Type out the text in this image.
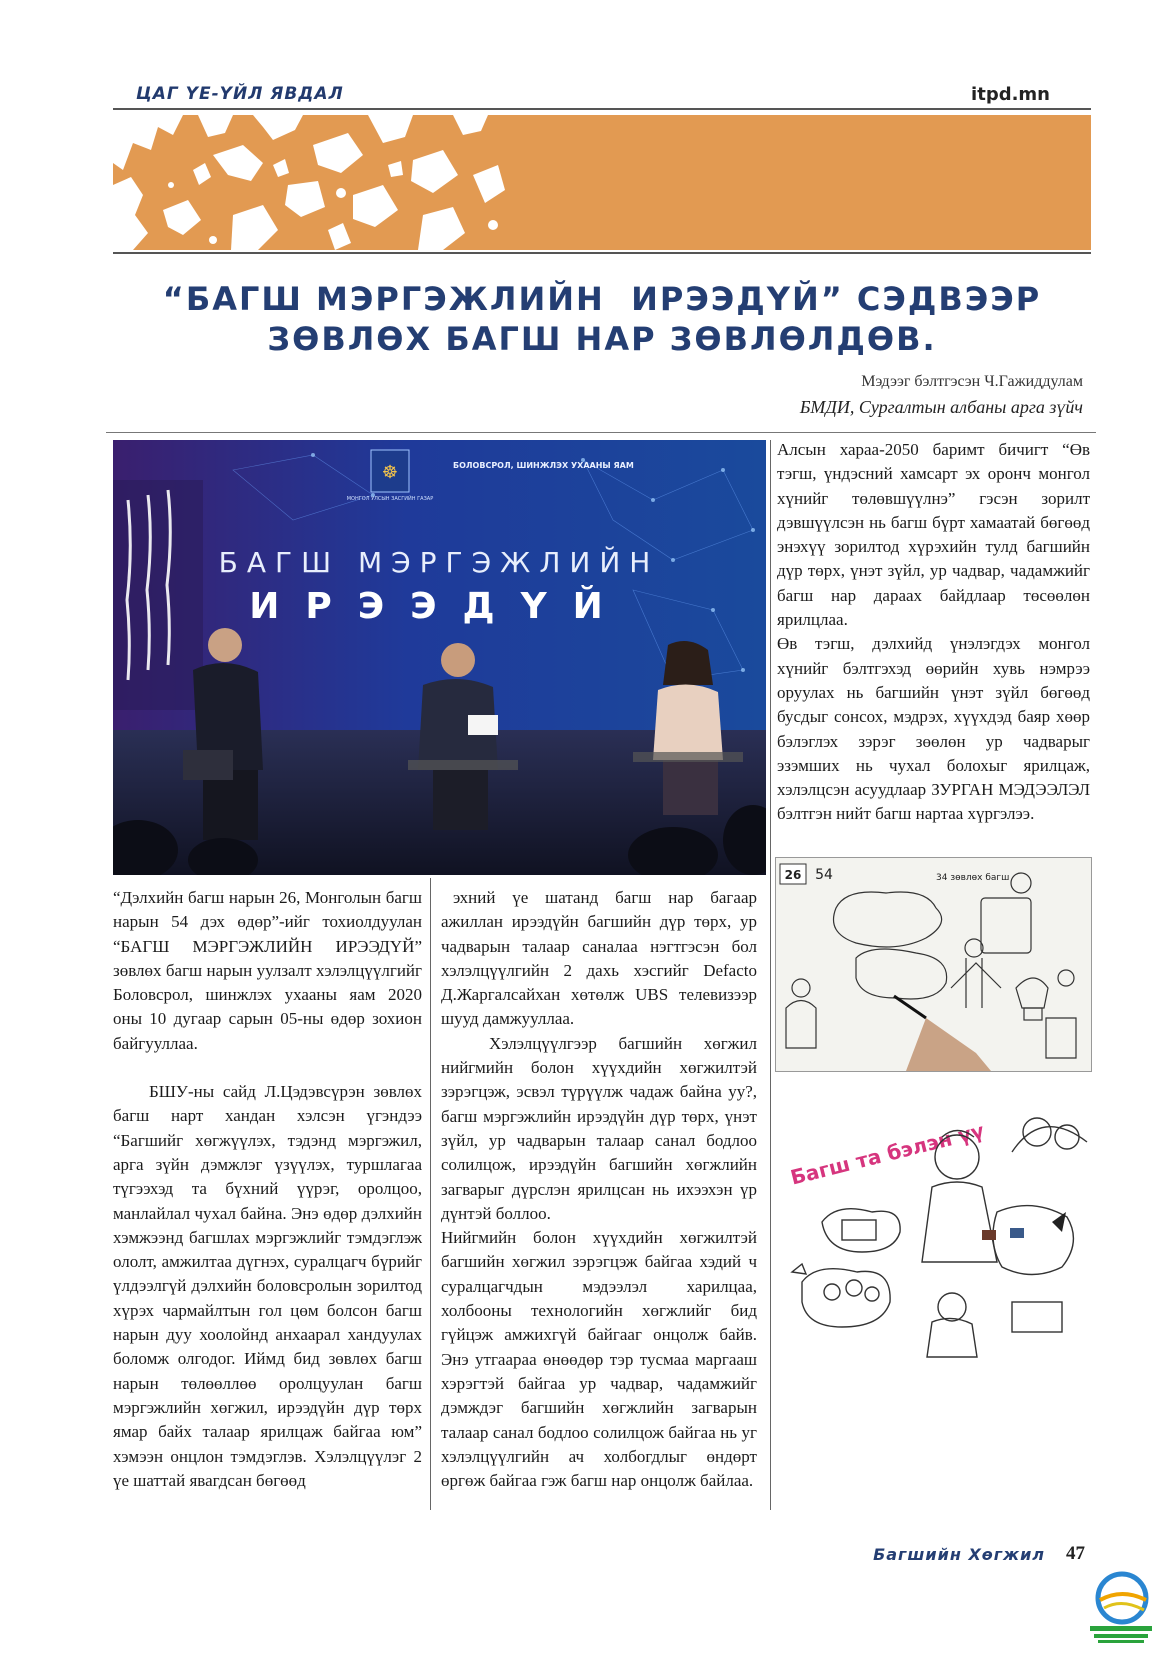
ЦАГ ҮЕ-ҮЙЛ ЯВДАЛ	itpd.mn
“БАГШ МЭРГЭЖЛИЙН  ИРЭЭДҮЙ” СЭДВЭЭР
ЗӨВЛӨХ БАГШ НАР ЗӨВЛӨЛДӨВ.
Мэдээг бэлтгэсэн Ч.Гажиддулам
БМДИ, Сургалтын албаны арга зүйч
☸
МОНГОЛ УЛСЫН ЗАСГИЙН ГАЗАР
БОЛОВСРОЛ, ШИНЖЛЭХ УХААНЫ ЯАМ
БАГШ МЭРГЭЖЛИЙН
ИРЭЭДҮЙ

“Дэлхийн багш нарын 26, Монголын багш нарын 54 дэх өдөр”-ийг тохиолдуулан “БАГШ МЭРГЭЖЛИЙН ИРЭЭДҮЙ” зөвлөх багш нарын уулзалт хэлэлцүүлгийг Боловсрол, шинжлэх ухааны яам 2020 оны 10 дугаар сарын 05-ны өдөр зохион байгууллаа.

БШУ-ны сайд Л.Цэдэвсүрэн зөвлөх багш нарт хандан хэлсэн үгэндээ “Багшийг хөгжүүлэх, тэдэнд мэргэжил, арга зүйн дэмжлэг үзүүлэх, туршлагаа түгээхэд та бүхний үүрэг, оролцоо, манлайлал чухал байна. Энэ өдөр дэлхийн хэмжээнд багшлах мэргэжлийг тэмдэглэж ололт, амжилтаа дүгнэх, суралцагч бүрийг үлдээлгүй дэлхийн боловсролын зорилтод хүрэх чармайлтын гол цөм болсон багш нарын дуу хоолойнд анхаарал хандуулах боломж олгодог. Иймд бид зөвлөх багш нарын төлөөллөө оролцуулан багш мэргэжлийн хөгжил, ирээдүйн дүр төрх ямар байх талаар ярилцаж байгаа юм” хэмээн онцлон тэмдэглэв. Хэлэлцүүлэг 2 үе шаттай явагдсан бөгөөд

эхний үе шатанд багш нар багаар ажиллан ирээдүйн багшийн дүр төрх, ур чадварын талаар саналаа нэгтгэсэн бол хэлэлцүүлгийн 2 дахь хэсгийг Defacto Д.Жаргалсайхан хөтөлж UBS телевизээр шууд дамжууллаа.

Хэлэлцүүлгээр багшийн хөгжил нийгмийн болон хүүхдийн хөгжилтэй зэрэгцэж, эсвэл түрүүлж чадаж байна уу?, багш мэргэжлийн ирээдүйн дүр төрх, үнэт зүйл, ур чадварын талаар санал бодлоо солилцож, ирээдүйн багшийн хөгжлийн загварыг дүрслэн ярилцсан нь ихээхэн үр дүнтэй боллоо.

Нийгмийн болон хүүхдийн хөгжилтэй багшийн хөгжил зэрэгцэж байгаа хэдий ч суралцагчдын мэдээлэл харилцаа, холбооны технологийн хөгжлийг бид гүйцэж амжихгүй байгааг онцолж байв. Энэ утгаараа өнөөдөр тэр тусмаа маргааш хэрэгтэй байгаа ур чадвар, чадамжийг дэмждэг багшийн хөгжлийн загварын талаар санал бодлоо солилцож байгаа нь уг хэлэлцүүлгийн ач холбогдлыг өндөрт өргөж байгаа гэж багш нар онцолж байлаа.

Алсын хараа-2050 баримт бичигт “Өв тэгш, үндэсний хамсарт эх оронч монгол хүнийг төлөвшүүлнэ” гэсэн зорилт дэвшүүлсэн нь багш бүрт хамаатай бөгөөд энэхүү зорилтод хүрэхийн тулд багшийн дүр төрх, үнэт зүйл, ур чадвар, чадамжийг багш нар дараах байдлаар төсөөлөн ярилцлаа.

Өв тэгш, дэлхийд үнэлэгдэх монгол хүнийг бэлтгэхэд өөрийн хувь нэмрээ оруулах нь багшийн үнэт зүйл бөгөөд бусдыг сонсох, мэдрэх, хүүхдэд баяр хөөр бэлэглэх зэрэг зөөлөн ур чадварыг эзэмших нь чухал болохыг ярилцаж, хэлэлцсэн асуудлаар ЗУРГАН МЭДЭЭЛЭЛ бэлтгэн нийт багш нартаа хүргэлээ.

26 54	34 зөвлөх багш
Багш та бэлэн үү
Багшийн Хөгжил 47
